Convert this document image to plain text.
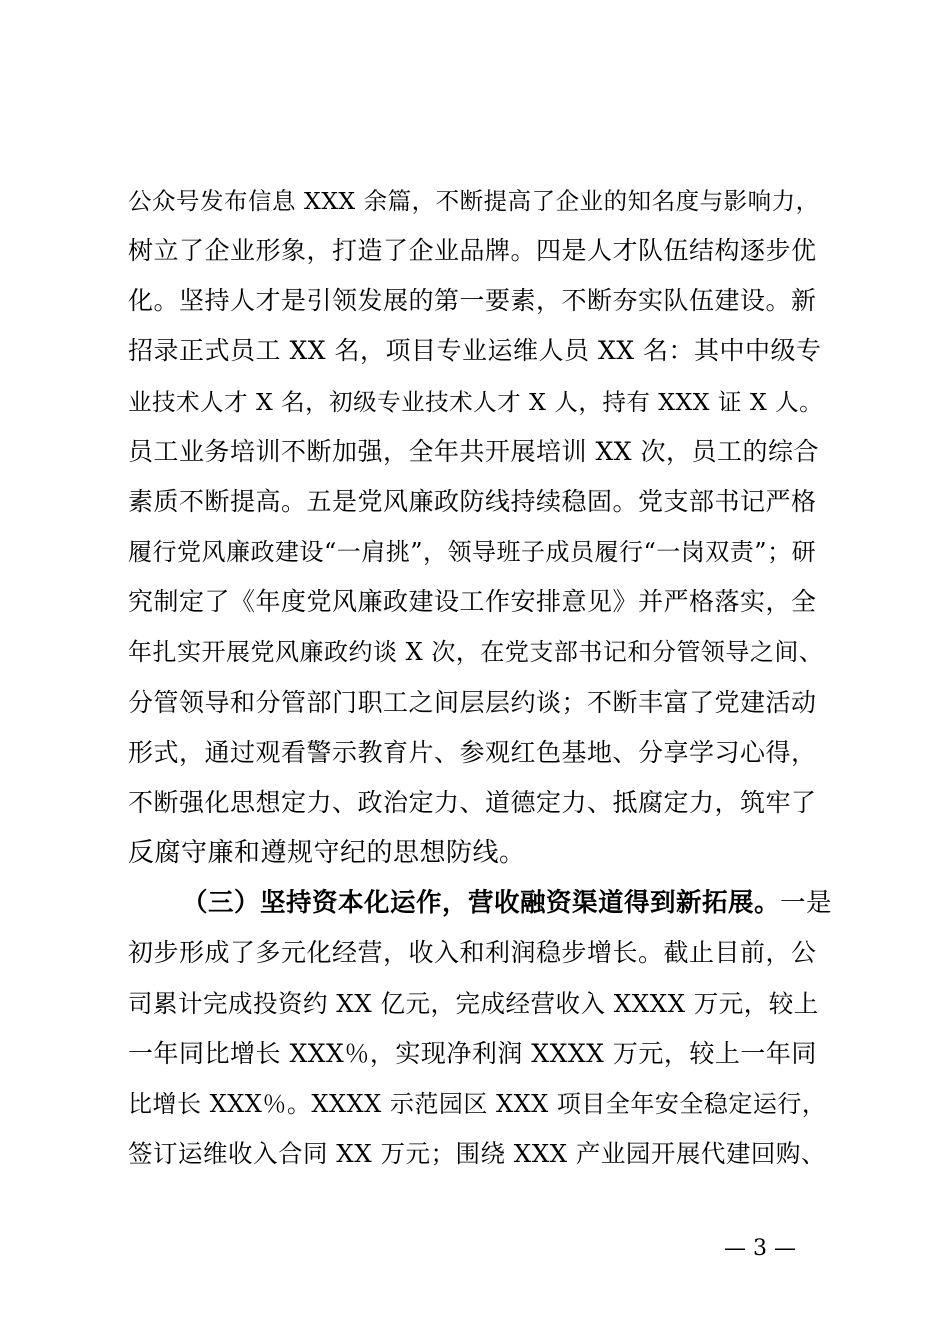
公众号发布信息 XXX 余篇，不断提高了企业的知名度与影响力，
树立了企业形象，打造了企业品牌。四是人才队伍结构逐步优
化。坚持人才是引领发展的第一要素，不断夯实队伍建设。新
招录正式员工 XX 名，项目专业运维人员 XX 名：其中中级专
业技术人才 X 名，初级专业技术人才 X 人，持有 XXX 证 X 人。
员工业务培训不断加强，全年共开展培训 XX 次，员工的综合
素质不断提高。五是党风廉政防线持续稳固。党支部书记严格
履行党风廉政建设“一肩挑”，领导班子成员履行“一岗双责”；研
究制定了《年度党风廉政建设工作安排意见》并严格落实，全
年扎实开展党风廉政约谈 X 次，在党支部书记和分管领导之间、
分管领导和分管部门职工之间层层约谈；不断丰富了党建活动
形式，通过观看警示教育片、参观红色基地、分享学习心得，
不断强化思想定力、政治定力、道德定力、抵腐定力，筑牢了
反腐守廉和遵规守纪的思想防线。
（三）坚持资本化运作，营收融资渠道得到新拓展。一是
初步形成了多元化经营，收入和利润稳步增长。截止目前，公
司累计完成投资约 XX 亿元，完成经营收入 XXXX 万元，较上
一年同比增长 XXX％，实现净利润 XXXX 万元，较上一年同
比增长 XXX％。XXXX 示范园区 XXX 项目全年安全稳定运行，
签订运维收入合同 XX 万元；围绕 XXX 产业园开展代建回购、
— 3 —
